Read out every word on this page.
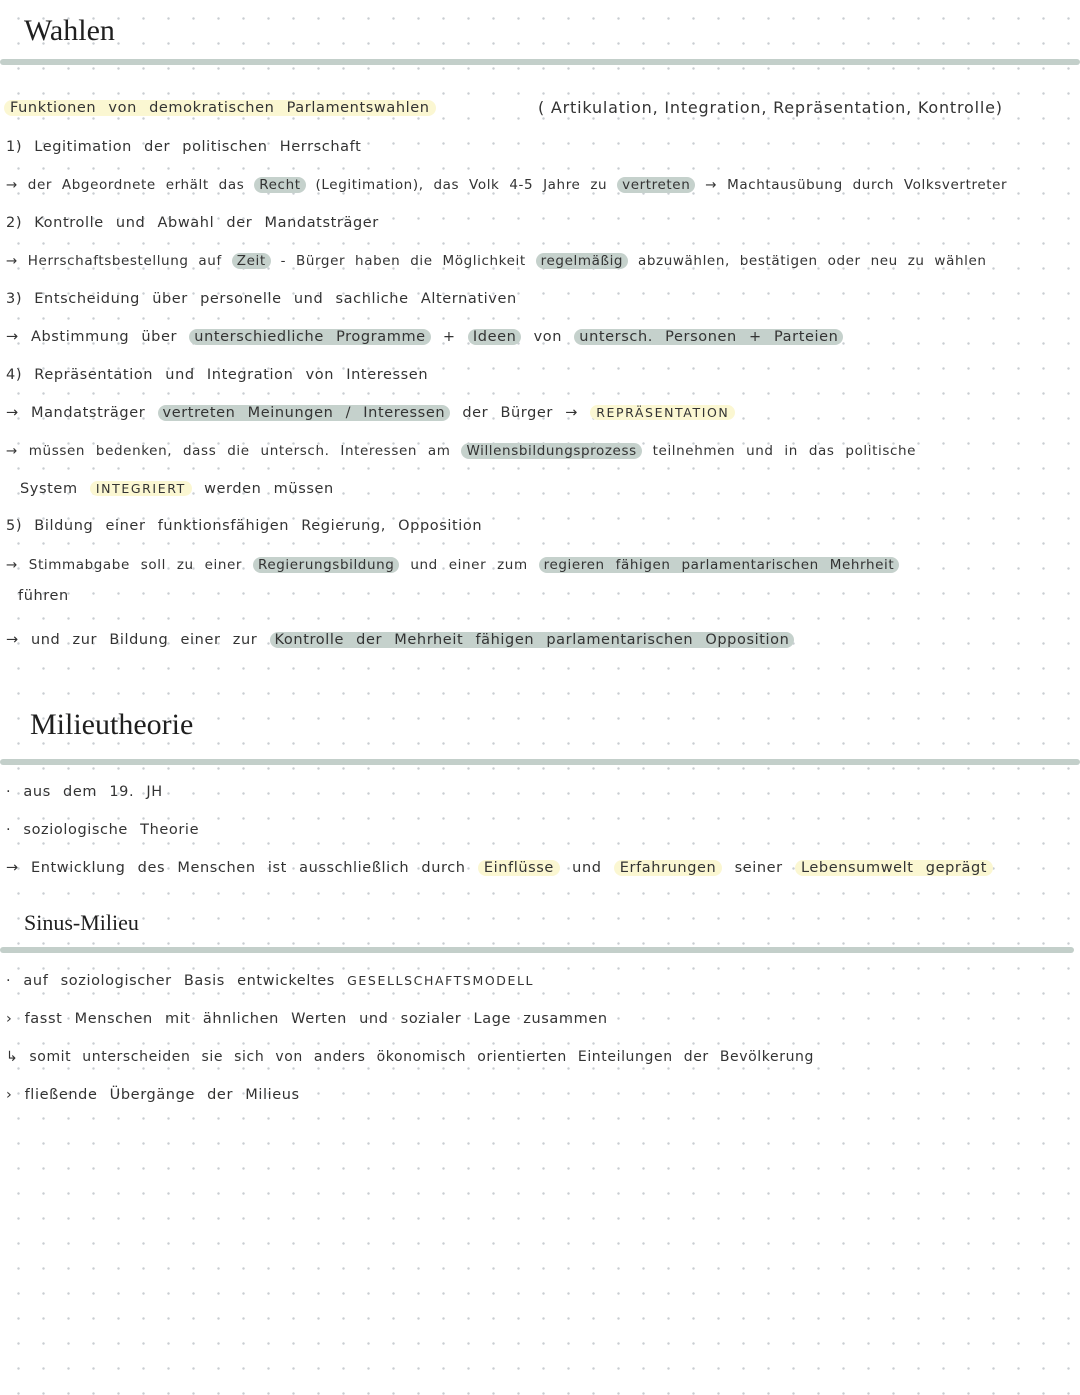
Wahlen
Funktionen von demokratischen Parlamentswahlen	( Artikulation, Integration, Repräsentation, Kontrolle)
1) Legitimation der politischen Herrschaft
→ der Abgeordnete erhält das Recht (Legitimation), das Volk 4-5 Jahre zu vertreten → Machtausübung durch Volksvertreter
2) Kontrolle und Abwahl der Mandatsträger
→ Herrschaftsbestellung auf Zeit - Bürger haben die Möglichkeit regelmäßig abzuwählen, bestätigen oder neu zu wählen
3) Entscheidung über personelle und sachliche Alternativen
→ Abstimmung über unterschiedliche Programme + Ideen von untersch. Personen + Parteien
4) Repräsentation und Integration von Interessen
→ Mandatsträger vertreten Meinungen / Interessen der Bürger → REPRÄSENTATION
→ müssen bedenken, dass die untersch. Interessen am Willensbildungsprozess teilnehmen und in das politische
System INTEGRIERT werden müssen
5) Bildung einer funktionsfähigen Regierung, Opposition
→ Stimmabgabe soll zu einer Regierungsbildung und einer zum regieren fähigen parlamentarischen Mehrheit
führen
→ und zur Bildung einer zur Kontrolle der Mehrheit fähigen parlamentarischen Opposition
Milieutheorie
· aus dem 19. JH
· soziologische Theorie
→ Entwicklung des Menschen ist ausschließlich durch Einflüsse und Erfahrungen seiner Lebensumwelt geprägt
Sinus-Milieu
· auf soziologischer Basis entwickeltes GESELLSCHAFTSMODELL
› fasst Menschen mit ähnlichen Werten und sozialer Lage zusammen
↳ somit unterscheiden sie sich von anders ökonomisch orientierten Einteilungen der Bevölkerung
› fließende Übergänge der Milieus
